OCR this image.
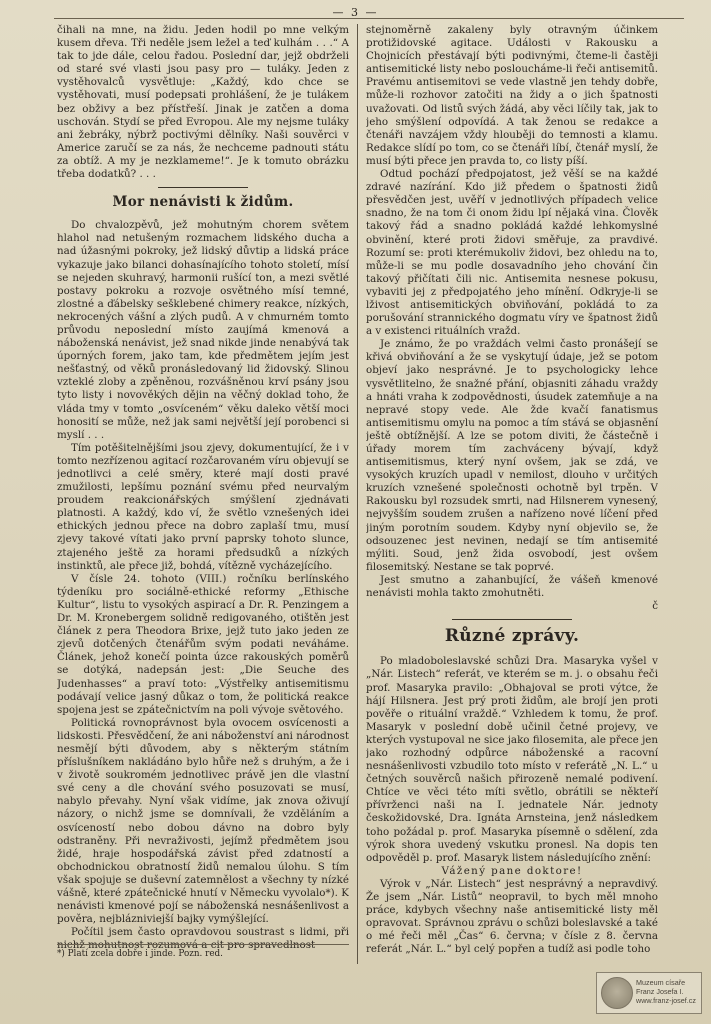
— 3 —

čihali na mne, na židu. Jeden hodil po mne velkým kusem dřeva. Tři neděle jsem ležel a teď kulhám . . .“ A tak to jde dále, celou řadou. Poslední dar, jejž obdrželi od staré své vlasti jsou pasy pro — tuláky. Jeden z vystěhovalců vysvětluje: „Každý, kdo chce se vystěhovati, musí podepsati prohlášení, že je tulákem bez obživy a bez přístřeší. Jinak je zatčen a doma uschován. Stydí se před Evropou. Ale my nejsme tuláky ani žebráky, nýbrž poctivými dělníky. Naši souvěrci v Americe zaručí se za nás, že nechceme padnouti státu za obtíž. A my je nezklameme!“. Je k tomuto obrázku třeba dodatků? . . .

Mor nenávisti k židům.

Do chvalozpěvů, jež mohutným chorem světem hlahol nad netušeným rozmachem lidského ducha a nad úžasnými pokroky, jež lidský důvtip a lidská práce vykazuje jako bilanci dohasínajícího tohoto století, mísí se nejeden skuhravý, harmonii rušící ton, a mezi světlé postavy pokroku a rozvoje osvětného mísí temné, zlostné a ďábelsky sešklebené chimery reakce, nízkých, nekrocených vášní a zlých pudů. A v chmurném tomto průvodu neposlední místo zaujímá kmenová a náboženská nenávist, jež snad nikde jinde nenabývá tak úporných forem, jako tam, kde předmětem jejím jest nešťastný, od věků pronásledovaný lid židovský. Slinou vzteklé zloby a zpěněnou, rozvášněnou krví psány jsou tyto listy i novověkých dějin na věčný doklad toho, že vláda tmy v tomto „osvíceném“ věku daleko větší moci honosití se může, než jak sami největší její porobenci si myslí . . .

Tím potěšitelnějšími jsou zjevy, dokumentující, že i v tomto nezřízenou agitací rozčarovaném víru objevují se jednotlivci a celé směry, které mají dosti pravé zmužilosti, lepšímu poznání svému před neurvalým proudem reakcionářských smýšlení zjednávati platnosti. A každý, kdo ví, že světlo vznešených idei ethických jednou přece na dobro zaplaší tmu, musí zjevy takové vítati jako první paprsky tohoto slunce, ztajeného ještě za horami předsudků a nízkých instinktů, ale přece již, bohdá, vítězně vycházejícího.

V čísle 24. tohoto (VIII.) ročníku berlínského týdeníku pro sociálně-ethické reformy „Ethische Kultur“, listu to vysokých aspirací a Dr. R. Penzingem a Dr. M. Kronebergem solidně redigovaného, otištěn jest článek z pera Theodora Brixe, jejž tuto jako jeden ze zjevů dotčených čtenářům svým podati neváháme. Článek, jehož konečí pointa úzce rakouských poměrů se dotýká, nadepsán jest: „Die Seuche des Judenhasses“ a praví toto: „Výstřelky antisemitismu podávají velice jasný důkaz o tom, že politická reakce spojena jest se zpátečnictvím na poli vývoje světového.

Politická rovnoprávnost byla ovocem osvícenosti a lidskosti. Přesvědčení, že ani náboženství ani národnost nesmějí býti důvodem, aby s některým státním příslušníkem nakládáno bylo hůře než s druhým, a že i v životě soukromém jednotlivec právě jen dle vlastní své ceny a dle chování svého posuzovati se musí, nabylo převahy. Nyní však vidíme, jak znova oživují názory, o nichž jsme se domnívali, že vzděláním a osvíceností nebo dobou dávno na dobro byly odstraněny. Při nevraživosti, jejímž předmětem jsou židé, hraje hospodářská závist před zdatností a obchodnickou obratností židů nemalou úlohu. S tím však spojuje se duševní zatemnělost a všechny ty nízké vášně, které zpátečnické hnutí v Německu vyvolalo*). K nenávisti kmenové pojí se náboženská nesnášenlivost a pověra, nejblázniviejší bajky vymýšlející.

Počítil jsem často opravdovou soustrast s lidmi, při nichž mohutnost rozumová a cit pro spravedlnost

*) Platí zcela dobře i jinde. Pozn. red.

stejnoměrně zakaleny byly otravným účinkem protižidovské agitace. Události v Rakousku a Chojnicích přestávají býti podivnými, čteme-li častěji antisemitické listy nebo posloucháme-li řeči antisemitů. Pravému antisemitovi se vede vlastně jen tehdy dobře, může-li rozhovor zatočiti na židy a o jich špatnosti uvažovati. Od listů svých žádá, aby věci líčily tak, jak to jeho smýšlení odpovídá. A tak ženou se redakce a čtenáři navzájem vždy hlouběji do temnosti a klamu. Redakce slídí po tom, co se čtenáři líbí, čtenář myslí, že musí býti přece jen pravda to, co listy píší.

Odtud pochází předpojatost, jež věší se na každé zdravé nazírání. Kdo již předem o špatnosti židů přesvědčen jest, uvěří v jednotlivých případech velice snadno, že na tom či onom židu lpí nějaká vina. Člověk takový řád a snadno pokládá každé lehkomyslné obvinění, které proti židovi směřuje, za pravdivé. Rozumí se: proti kterémukoliv židovi, bez ohledu na to, může-li se mu podle dosavadního jeho chování čin takový přičítati čili nic. Antisemita nesnese pokusu, vybaviti jej z předpojatého jeho mínění. Odkryje-li se lživost antisemitických obviňování, pokládá to za porušování strannického dogmatu víry ve špatnost židů a v existenci rituálních vražd.

Je známo, že po vraždách velmi často pronášejí se křivá obviňování a že se vyskytují údaje, jež se potom objeví jako nesprávné. Je to psychologicky lehce vysvětlitelno, že snažné přání, objasniti záhadu vraždy a hnáti vraha k zodpovědnosti, úsudek zatemňuje a na nepravé stopy vede. Ale žde kvačí fanatismus antisemitismu omylu na pomoc a tím stává se objasnění ještě obtížnější. A lze se potom diviti, že částečně i úřady morem tím zachváceny bývají, když antisemitismus, který nyní ovšem, jak se zdá, ve vysokých kruzích upadl v nemilost, dlouho v určitých kruzích vznešené společnosti ochotně byl trpěn. V Rakousku byl rozsudek smrti, nad Hilsnerem vynesený, nejvyšším soudem zrušen a nařízeno nové líčení před jiným porotním soudem. Kdyby nyní objevilo se, že odsouzenec jest nevinen, nedají se tím antisemité mýliti. Soud, jenž žida osvobodí, jest ovšem filosemitský. Nestane se tak poprvé.

Jest smutno a zahanbující, že vášeň kmenové nenávisti mohla takto zmohutněti.

č

Různé zprávy.

Po mladoboleslavské schůzi Dra. Masaryka vyšel v „Nár. Listech“ referát, ve kterém se m. j. o obsahu řeči prof. Masaryka pravilo: „Obhajoval se proti výtce, že hájí Hilsnera. Jest prý proti židům, ale brojí jen proti pověře o rituální vraždě.“ Vzhledem k tomu, že prof. Masaryk v poslední době učinil četné projevy, ve kterých vystupoval ne sice jako filosemita, ale přece jen jako rozhodný odpůrce náboženské a racovní nesnášenlivosti vzbudilo toto místo v referátě „N. L.“ u četných souvěrců našich přirozeně nemalé podivení. Chtíce ve věci této míti světlo, obrátili se někteří přívrženci naši na I. jednatele Nár. jednoty českožidovské, Dra. Ignáta Arnsteina, jenž následkem toho požádal p. prof. Masaryka písemně o sdělení, zda výrok shora uvedený vskutku pronesl. Na dopis ten odpověděl p. prof. Masaryk listem následujícího znění:

Vážený pane doktore!

Výrok v „Nár. Listech“ jest nesprávný a nepravdivý. Že jsem „Nár. Listů“ neopravil, to bych měl mnoho práce, kdybych všechny naše antisemitické listy měl opravovat. Správnou zprávu o schůzi boleslavské a také o mé řeči měl „Čas“ 6. června; v čísle z 8. června referát „Nár. L.“ byl celý popřen a tudíž asi podle toho

Muzeum císaře
Franz Josefa I.
www.franz-josef.cz
